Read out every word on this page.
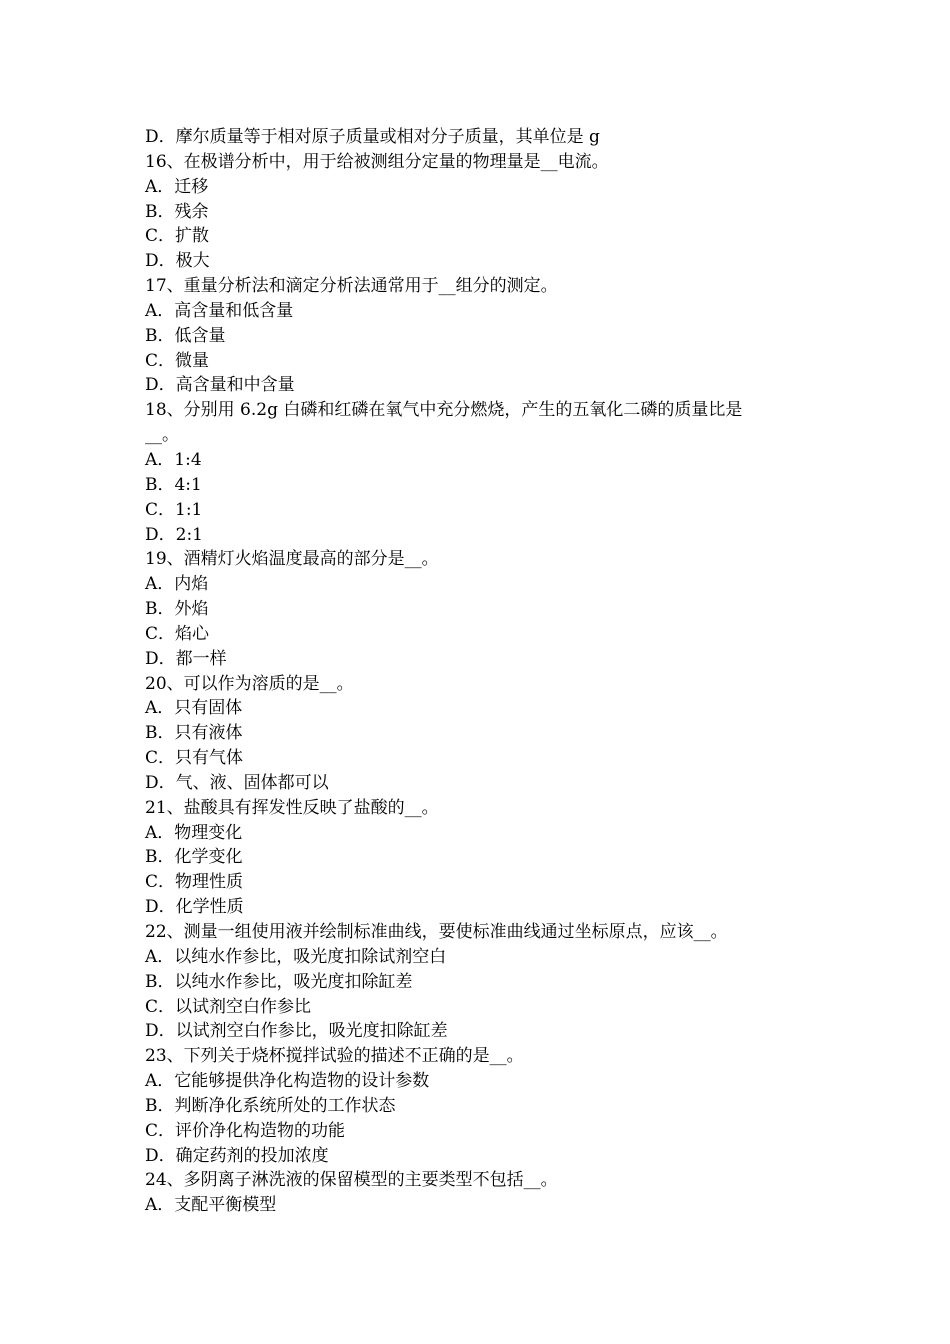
D．摩尔质量等于相对原子质量或相对分子质量，其单位是 g
16、在极谱分析中，用于给被测组分定量的物理量是__电流。
A．迁移
B．残余
C．扩散
D．极大
17、重量分析法和滴定分析法通常用于__组分的测定。
A．高含量和低含量
B．低含量
C．微量
D．高含量和中含量
18、分别用 6.2g 白磷和红磷在氧气中充分燃烧，产生的五氧化二磷的质量比是
__。
A．1:4
B．4:1
C．1:1
D．2:1
19、酒精灯火焰温度最高的部分是__。
A．内焰
B．外焰
C．焰心
D．都一样
20、可以作为溶质的是__。
A．只有固体
B．只有液体
C．只有气体
D．气、液、固体都可以
21、盐酸具有挥发性反映了盐酸的__。
A．物理变化
B．化学变化
C．物理性质
D．化学性质
22、测量一组使用液并绘制标准曲线，要使标准曲线通过坐标原点，应该__。
A．以纯水作参比，吸光度扣除试剂空白
B．以纯水作参比，吸光度扣除缸差
C．以试剂空白作参比
D．以试剂空白作参比，吸光度扣除缸差
23、下列关于烧杯搅拌试验的描述不正确的是__。
A．它能够提供净化构造物的设计参数
B．判断净化系统所处的工作状态
C．评价净化构造物的功能
D．确定药剂的投加浓度
24、多阴离子淋洗液的保留模型的主要类型不包括__。
A．支配平衡模型
